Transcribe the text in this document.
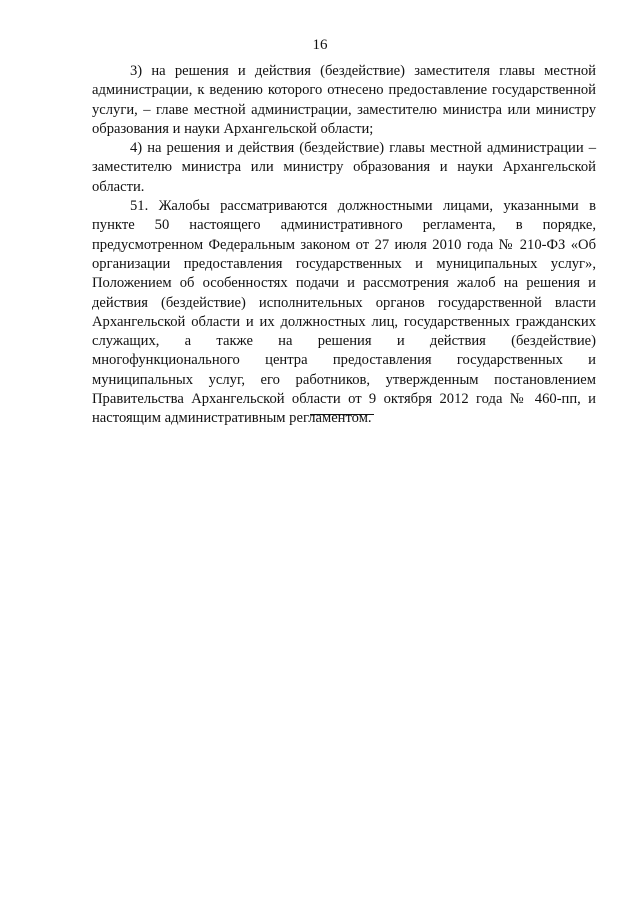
16

3) на решения и действия (бездействие) заместителя главы местной администрации, к ведению которого отнесено предоставление государственной услуги, – главе местной администрации, заместителю министра или министру образования и науки Архангельской области;

4) на решения и действия (бездействие) главы местной администрации – заместителю министра или министру образования и науки Архангельской области.

51. Жалобы рассматриваются должностными лицами, указанными в пункте 50 настоящего административного регламента, в порядке, предусмотренном Федеральным законом от 27 июля 2010 года № 210-ФЗ «Об организации предоставления государственных и муниципальных услуг», Положением об особенностях подачи и рассмотрения жалоб на решения и действия (бездействие) исполнительных органов государственной власти Архангельской области и их должностных лиц, государственных гражданских служащих, а также на решения и действия (бездействие) многофункционального центра предоставления государственных и муниципальных услуг, его работников, утвержденным постановлением Правительства Архангельской области от 9 октября 2012 года № 460-пп, и настоящим административным регламентом.
